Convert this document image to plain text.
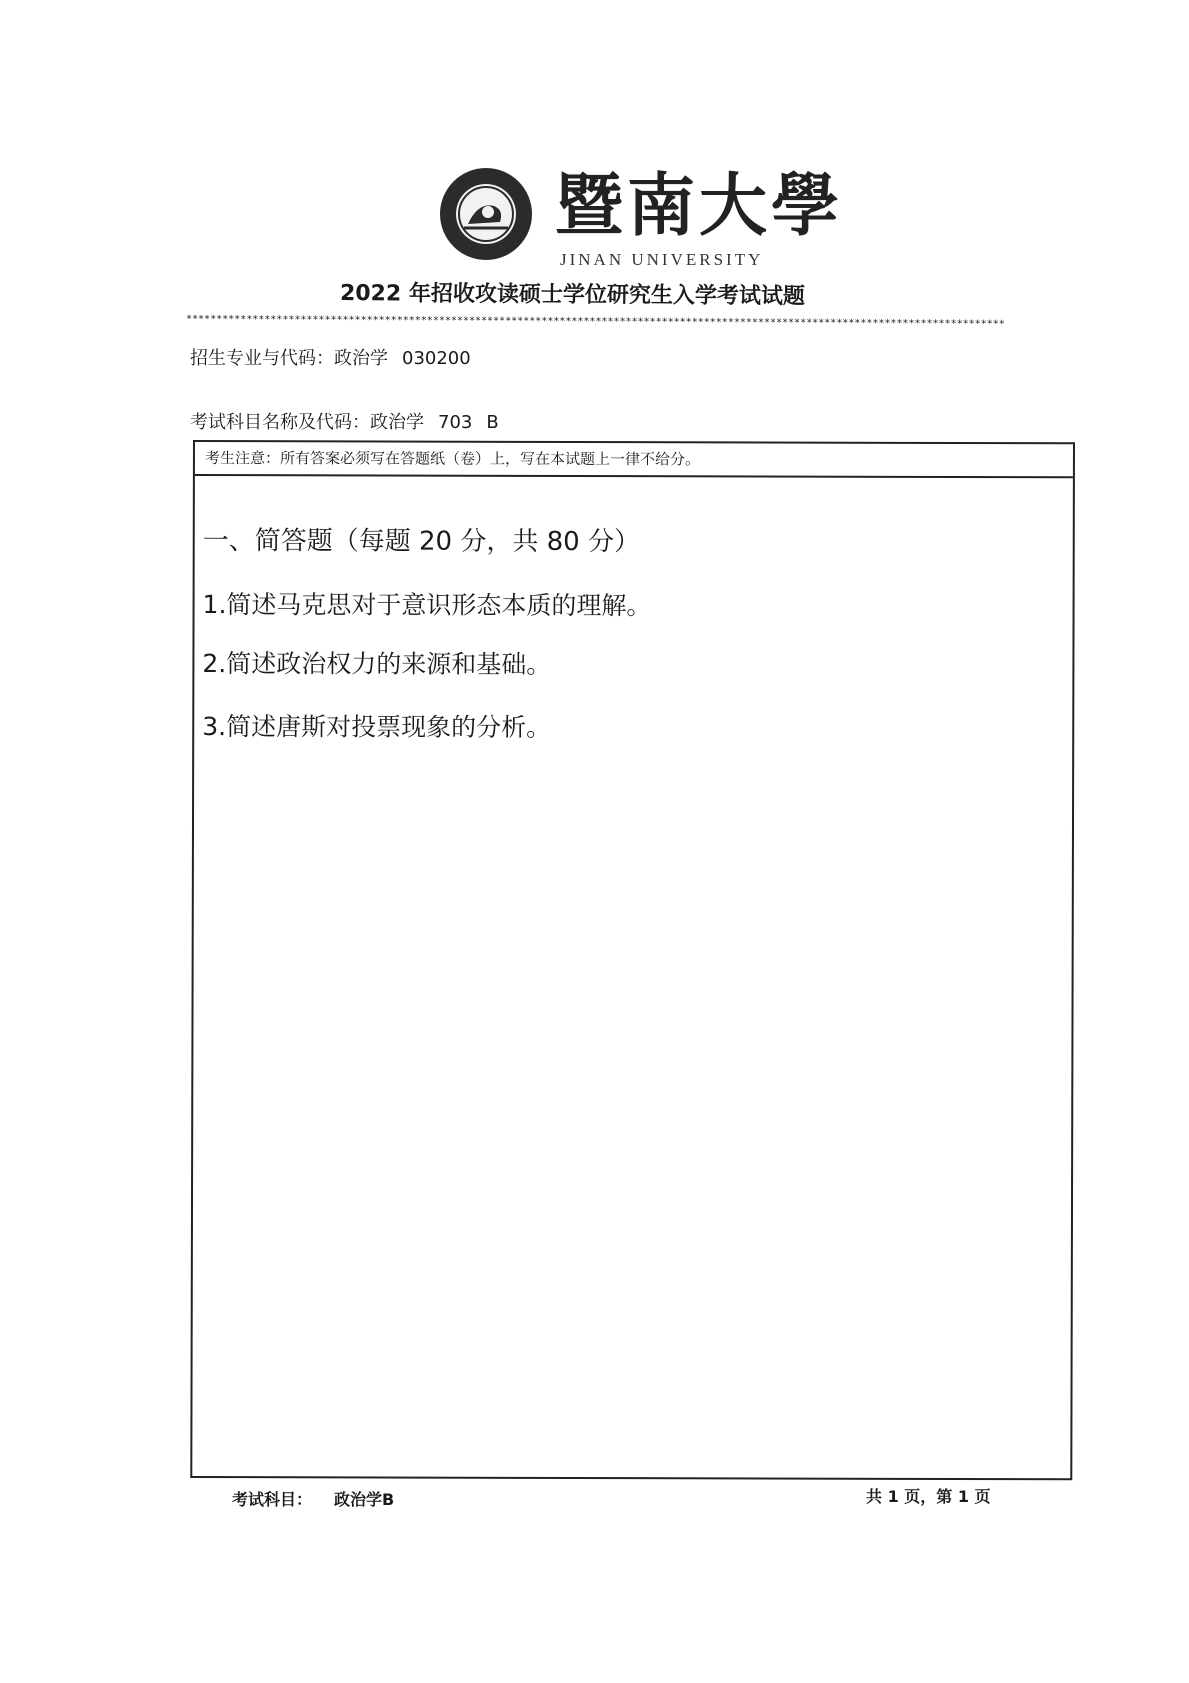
暨南大學
JINAN UNIVERSITY
2022 年招收攻读硕士学位研究生入学考试试题
****************************************************************************************************************************************
招生专业与代码：政治学 030200
考试科目名称及代码：政治学 703 B
考生注意：所有答案必须写在答题纸（卷）上，写在本试题上一律不给分。
一、简答题（每题 20 分，共 80 分）
1.简述马克思对于意识形态本质的理解。
2.简述政治权力的来源和基础。
3.简述唐斯对投票现象的分析。
考试科目： 政治学B	共 1 页，第 1 页
